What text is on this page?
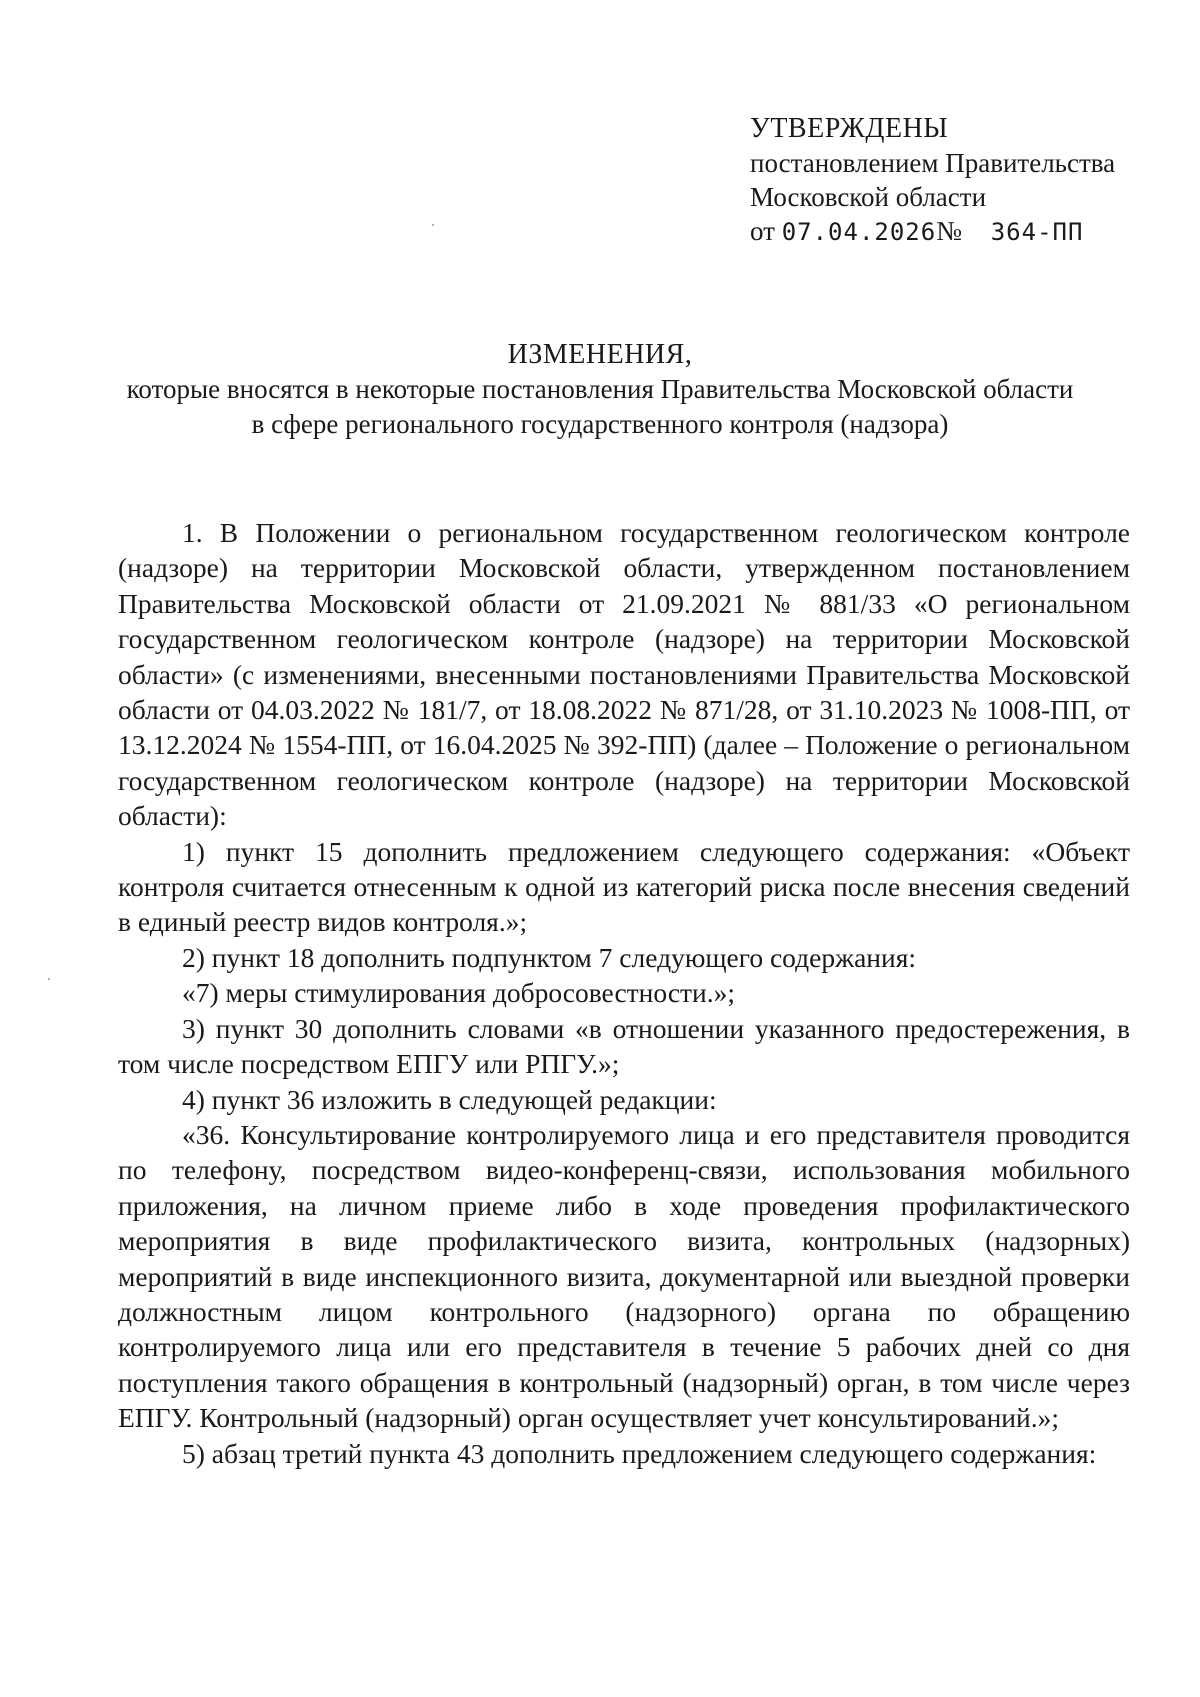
УТВЕРЖДЕНЫ
постановлением Правительства
Московской области
от 07.04.2026№ 364-ПП
ИЗМЕНЕНИЯ,
которые вносятся в некоторые постановления Правительства Московской области
в сфере регионального государственного контроля (надзора)

1. В Положении о региональном государственном геологическом контроле (надзоре) на территории Московской области, утвержденном постановлением Правительства Московской области от 21.09.2021 № 881/33 «О региональном государственном геологическом контроле (надзоре) на территории Московской области» (с изменениями, внесенными постановлениями Правительства Московской области от 04.03.2022 № 181/7, от 18.08.2022 № 871/28, от 31.10.2023 № 1008-ПП, от 13.12.2024 № 1554-ПП, от 16.04.2025 № 392-ПП) (далее – Положение о региональном государственном геологическом контроле (надзоре) на территории Московской области):

1) пункт 15 дополнить предложением следующего содержания: «Объект контроля считается отнесенным к одной из категорий риска после внесения сведений в единый реестр видов контроля.»;

2) пункт 18 дополнить подпунктом 7 следующего содержания:

«7) меры стимулирования добросовестности.»;

3) пункт 30 дополнить словами «в отношении указанного предостережения, в том числе посредством ЕПГУ или РПГУ.»;

4) пункт 36 изложить в следующей редакции:

«36. Консультирование контролируемого лица и его представителя проводится по телефону, посредством видео-конференц-связи, использования мобильного приложения, на личном приеме либо в ходе проведения профилактического мероприятия в виде профилактического визита, контрольных (надзорных) мероприятий в виде инспекционного визита, документарной или выездной проверки должностным лицом контрольного (надзорного) органа по обращению контролируемого лица или его представителя в течение 5 рабочих дней со дня поступления такого обращения в контрольный (надзорный) орган, в том числе через ЕПГУ. Контрольный (надзорный) орган осуществляет учет консультирований.»;

5) абзац третий пункта 43 дополнить предложением следующего содержания:
